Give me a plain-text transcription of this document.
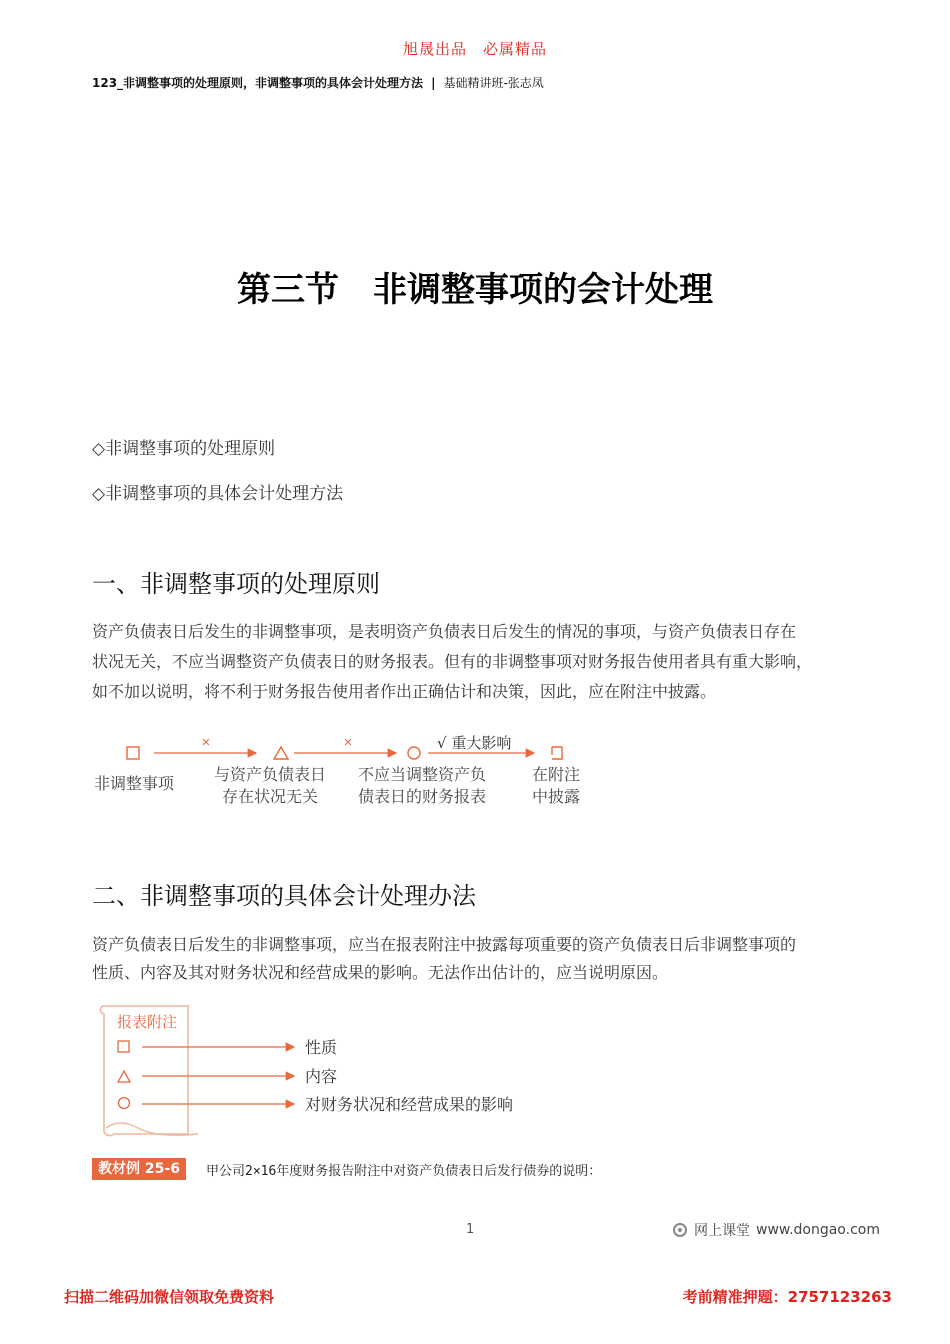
旭晟出品　必属精品
123_非调整事项的处理原则，非调整事项的具体会计处理方法 | 基础精讲班-张志凤
第三节　非调整事项的会计处理
◇非调整事项的处理原则
◇非调整事项的具体会计处理方法
一、非调整事项的处理原则
资产负债表日后发生的非调整事项，是表明资产负债表日后发生的情况的事项，与资产负债表日存在
状况无关，不应当调整资产负债表日的财务报表。但有的非调整事项对财务报告使用者具有重大影响，
如不加以说明，将不利于财务报告使用者作出正确估计和决策，因此，应在附注中披露。
✕	✕	√ 重大影响
非调整事项 与资产负债表日
存在状况无关
不应当调整资产负
债表日的财务报表
在附注
中披露
二、非调整事项的具体会计处理办法
资产负债表日后发生的非调整事项，应当在报表附注中披露每项重要的资产负债表日后非调整事项的
性质、内容及其对财务状况和经营成果的影响。无法作出估计的，应当说明原因。
报表附注
性质
内容
对财务状况和经营成果的影响
教材例 25-6	甲公司2×16年度财务报告附注中对资产负债表日后发行债券的说明：
1	网上课堂 www.dongao.com
扫描二维码加微信领取免费资料	考前精准押题：2757123263
